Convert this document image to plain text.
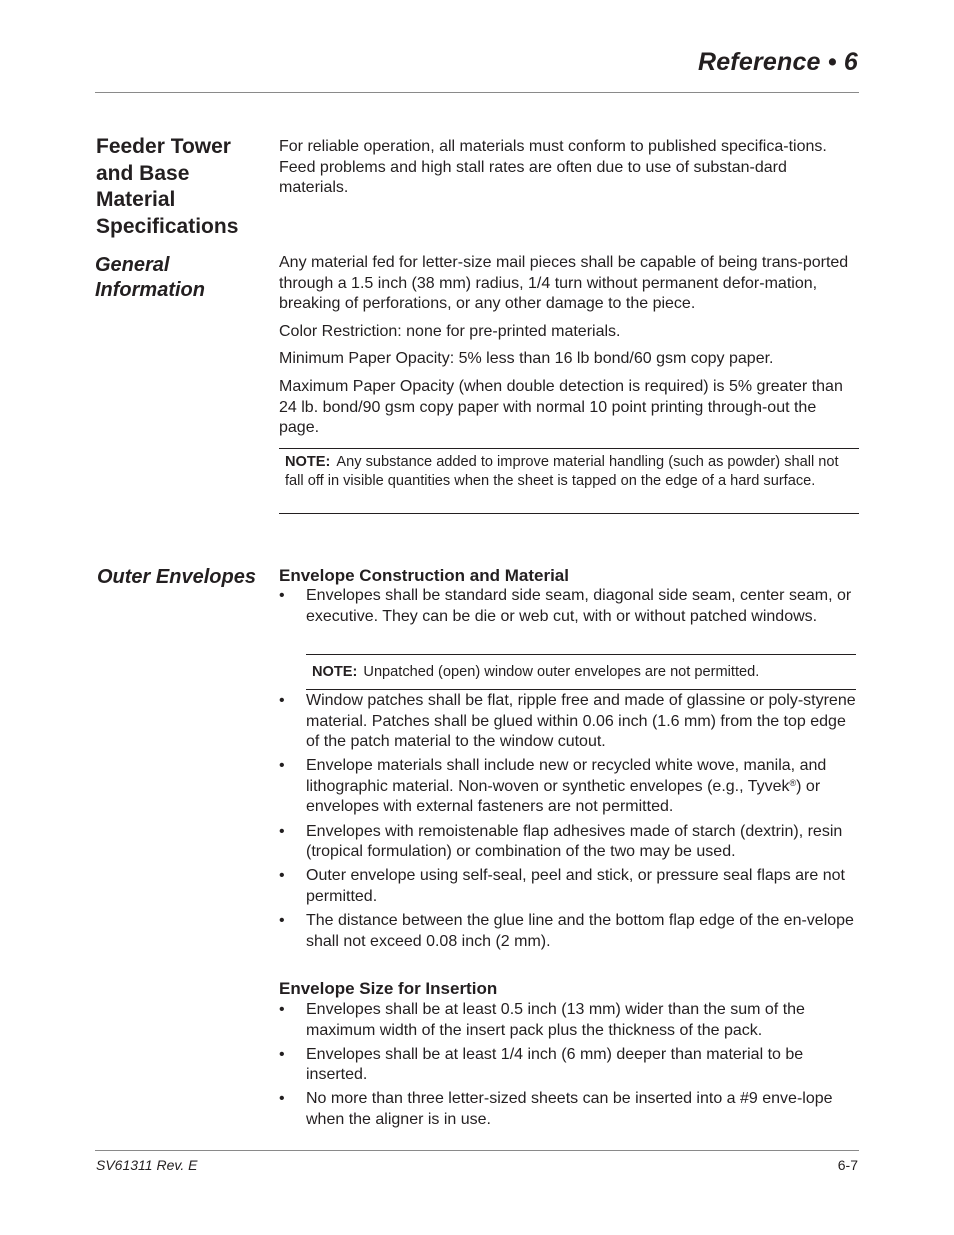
Reference • 6
Feeder Tower and Base Material Specifications
For reliable operation, all materials must conform to published specifica-tions. Feed problems and high stall rates are often due to use of substan-dard materials.
General Information

Any material fed for letter-size mail pieces shall be capable of being trans-ported through a 1.5 inch (38 mm) radius, 1/4 turn without permanent defor-mation, breaking of perforations, or any other damage to the piece.

Color Restriction: none for pre-printed materials.

Minimum Paper Opacity: 5% less than 16 lb bond/60 gsm copy paper.

Maximum Paper Opacity (when double detection is required) is 5% greater than 24 lb. bond/90 gsm copy paper with normal 10 point printing through-out the page.

NOTE: Any substance added to improve material handling (such as powder) shall not fall off in visible quantities when the sheet is tapped on the edge of a hard surface.
Outer Envelopes	Envelope Construction and Material
• Envelopes shall be standard side seam, diagonal side seam, center seam, or executive. They can be die or web cut, with or without patched windows.
NOTE: Unpatched (open) window outer envelopes are not permitted.
• Window patches shall be flat, ripple free and made of glassine or poly-styrene material. Patches shall be glued within 0.06 inch (1.6 mm) from the top edge of the patch material to the window cutout.
• Envelope materials shall include new or recycled white wove, manila, and lithographic material. Non-woven or synthetic envelopes (e.g., Tyvek®) or envelopes with external fasteners are not permitted.
• Envelopes with remoistenable flap adhesives made of starch (dextrin), resin (tropical formulation) or combination of the two may be used.
• Outer envelope using self-seal, peel and stick, or pressure seal flaps are not permitted.
• The distance between the glue line and the bottom flap edge of the en-velope shall not exceed 0.08 inch (2 mm).
Envelope Size for Insertion
• Envelopes shall be at least 0.5 inch (13 mm) wider than the sum of the maximum width of the insert pack plus the thickness of the pack.
• Envelopes shall be at least 1/4 inch (6 mm) deeper than material to be inserted.
• No more than three letter-sized sheets can be inserted into a #9 enve-lope when the aligner is in use.
SV61311 Rev. E	6-7
